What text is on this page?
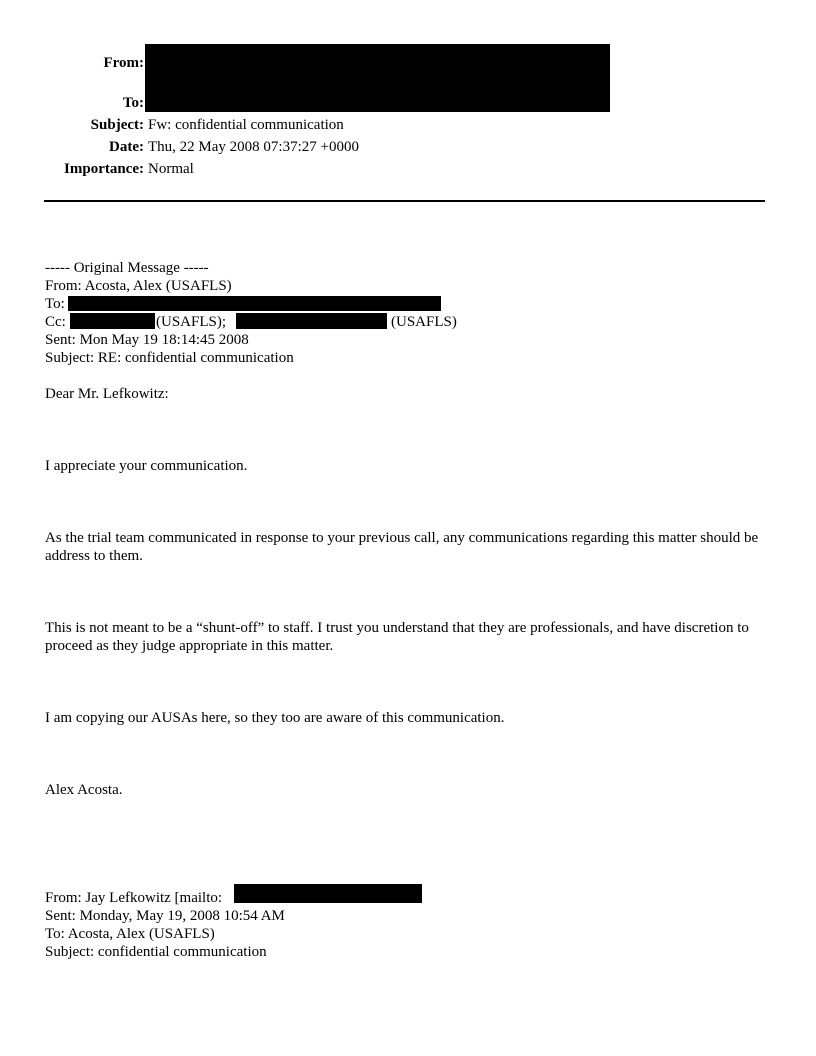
From:
To:
Subject: Fw: confidential communication
Date: Thu, 22 May 2008 07:37:27 +0000
Importance: Normal
----- Original Message -----
From: Acosta, Alex (USAFLS)
To:
Cc:	(USAFLS);	(USAFLS)
Sent: Mon May 19 18:14:45 2008
Subject: RE: confidential communication
Dear Mr. Lefkowitz:
I appreciate your communication.
As the trial team communicated in response to your previous call, any communications regarding this matter should be address to them.
This is not meant to be a “shunt-off” to staff. I trust you understand that they are professionals, and have discretion to proceed as they judge appropriate in this matter.
I am copying our AUSAs here, so they too are aware of this communication.
Alex Acosta.
From: Jay Lefkowitz [mailto:
Sent: Monday, May 19, 2008 10:54 AM
To: Acosta, Alex (USAFLS)
Subject: confidential communication
